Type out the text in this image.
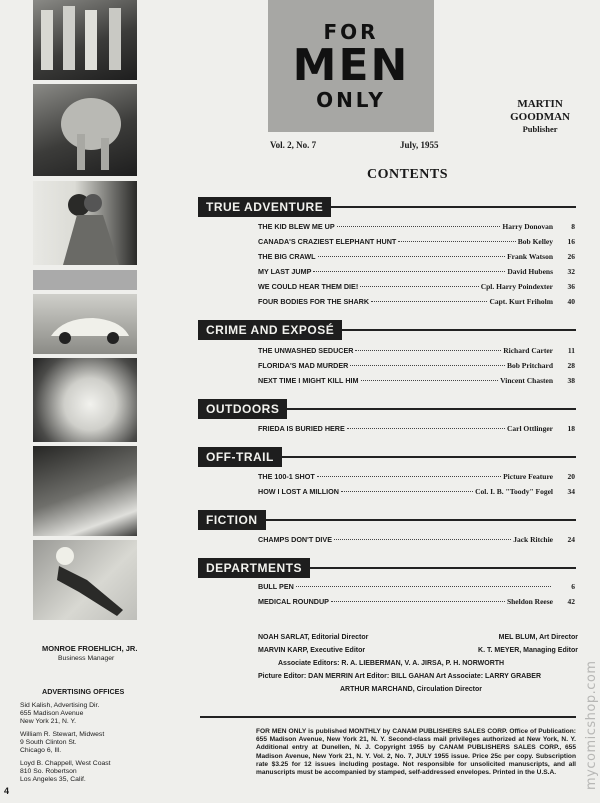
FOR
MEN
ONLY
Vol. 2, No. 7	July, 1955
MARTIN
GOODMAN
Publisher
CONTENTS
TRUE ADVENTURE
THE KID BLEW ME UP	Harry Donovan	8
CANADA'S CRAZIEST ELEPHANT HUNT	Bob Kelley	16
THE BIG CRAWL	Frank Watson	26
MY LAST JUMP	David Hubens	32
WE COULD HEAR THEM DIE!	Cpl. Harry Poindexter	36
FOUR BODIES FOR THE SHARK	Capt. Kurt Friholm	40
CRIME AND EXPOSÉ
THE UNWASHED SEDUCER	Richard Carter	11
FLORIDA'S MAD MURDER	Bob Pritchard	28
NEXT TIME I MIGHT KILL HIM	Vincent Chasten	38
OUTDOORS
FRIEDA IS BURIED HERE	Carl Ottlinger	18
OFF-TRAIL
THE 100-1 SHOT	Picture Feature	20
HOW I LOST A MILLION	Col. I. B. "Toody" Fogel	34
FICTION
CHAMPS DON'T DIVE	Jack Ritchie	24
DEPARTMENTS
BULL PEN	6
MEDICAL ROUNDUP	Sheldon Reese	42
NOAH SARLAT, Editorial Director	MEL BLUM, Art Director
MARVIN KARP, Executive Editor	K. T. MEYER, Managing Editor
Associate Editors: R. A. LIEBERMAN, V. A. JIRSA, P. H. NORWORTH
Picture Editor: DAN MERRIN Art Editor: BILL GAHAN Art Associate: LARRY GRABER
ARTHUR MARCHAND, Circulation Director
MONROE FROEHLICH, JR.
Business Manager
ADVERTISING OFFICES
Sid Kalish, Advertising Dir.
655 Madison Avenue
New York 21, N. Y.
William R. Stewart, Midwest
9 South Clinton St.
Chicago 6, Ill.
Loyd B. Chappell, West Coast
810 So. Robertson
Los Angeles 35, Calif.
FOR MEN ONLY is published MONTHLY by CANAM PUBLISHERS SALES CORP. Office of Publication: 655 Madison Avenue, New York 21, N. Y. Second-class mail privileges authorized at New York, N. Y. Additional entry at Dunellen, N. J. Copyright 1955 by CANAM PUBLISHERS SALES CORP., 655 Madison Avenue, New York 21, N. Y. Vol. 2, No. 7, JULY 1955 issue. Price 25c per copy. Subscription rate $3.25 for 12 issues including postage. Not responsible for unsolicited manuscripts, and all manuscripts must be accompanied by stamped, self-addressed envelopes. Printed in the U.S.A.
4
mycomicshop.com
